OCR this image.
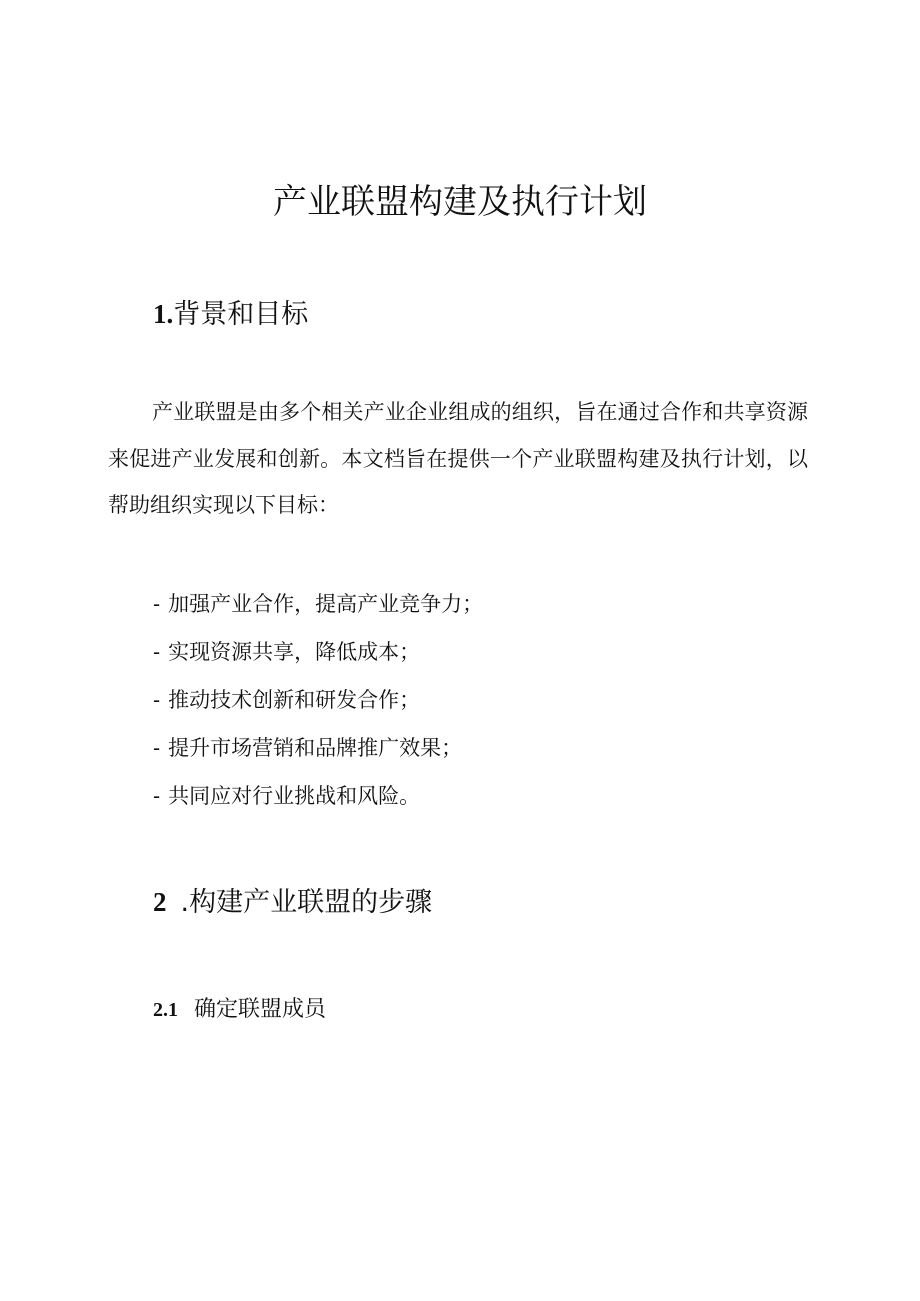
产业联盟构建及执行计划
1.背景和目标

产业联盟是由多个相关产业企业组成的组织，旨在通过合作和共享资源来促进产业发展和创新。本文档旨在提供一个产业联盟构建及执行计划，以帮助组织实现以下目标：

- 加强产业合作，提高产业竞争力；
- 实现资源共享，降低成本；
- 推动技术创新和研发合作；
- 提升市场营销和品牌推广效果；
- 共同应对行业挑战和风险。
2 .构建产业联盟的步骤
2.1 确定联盟成员
